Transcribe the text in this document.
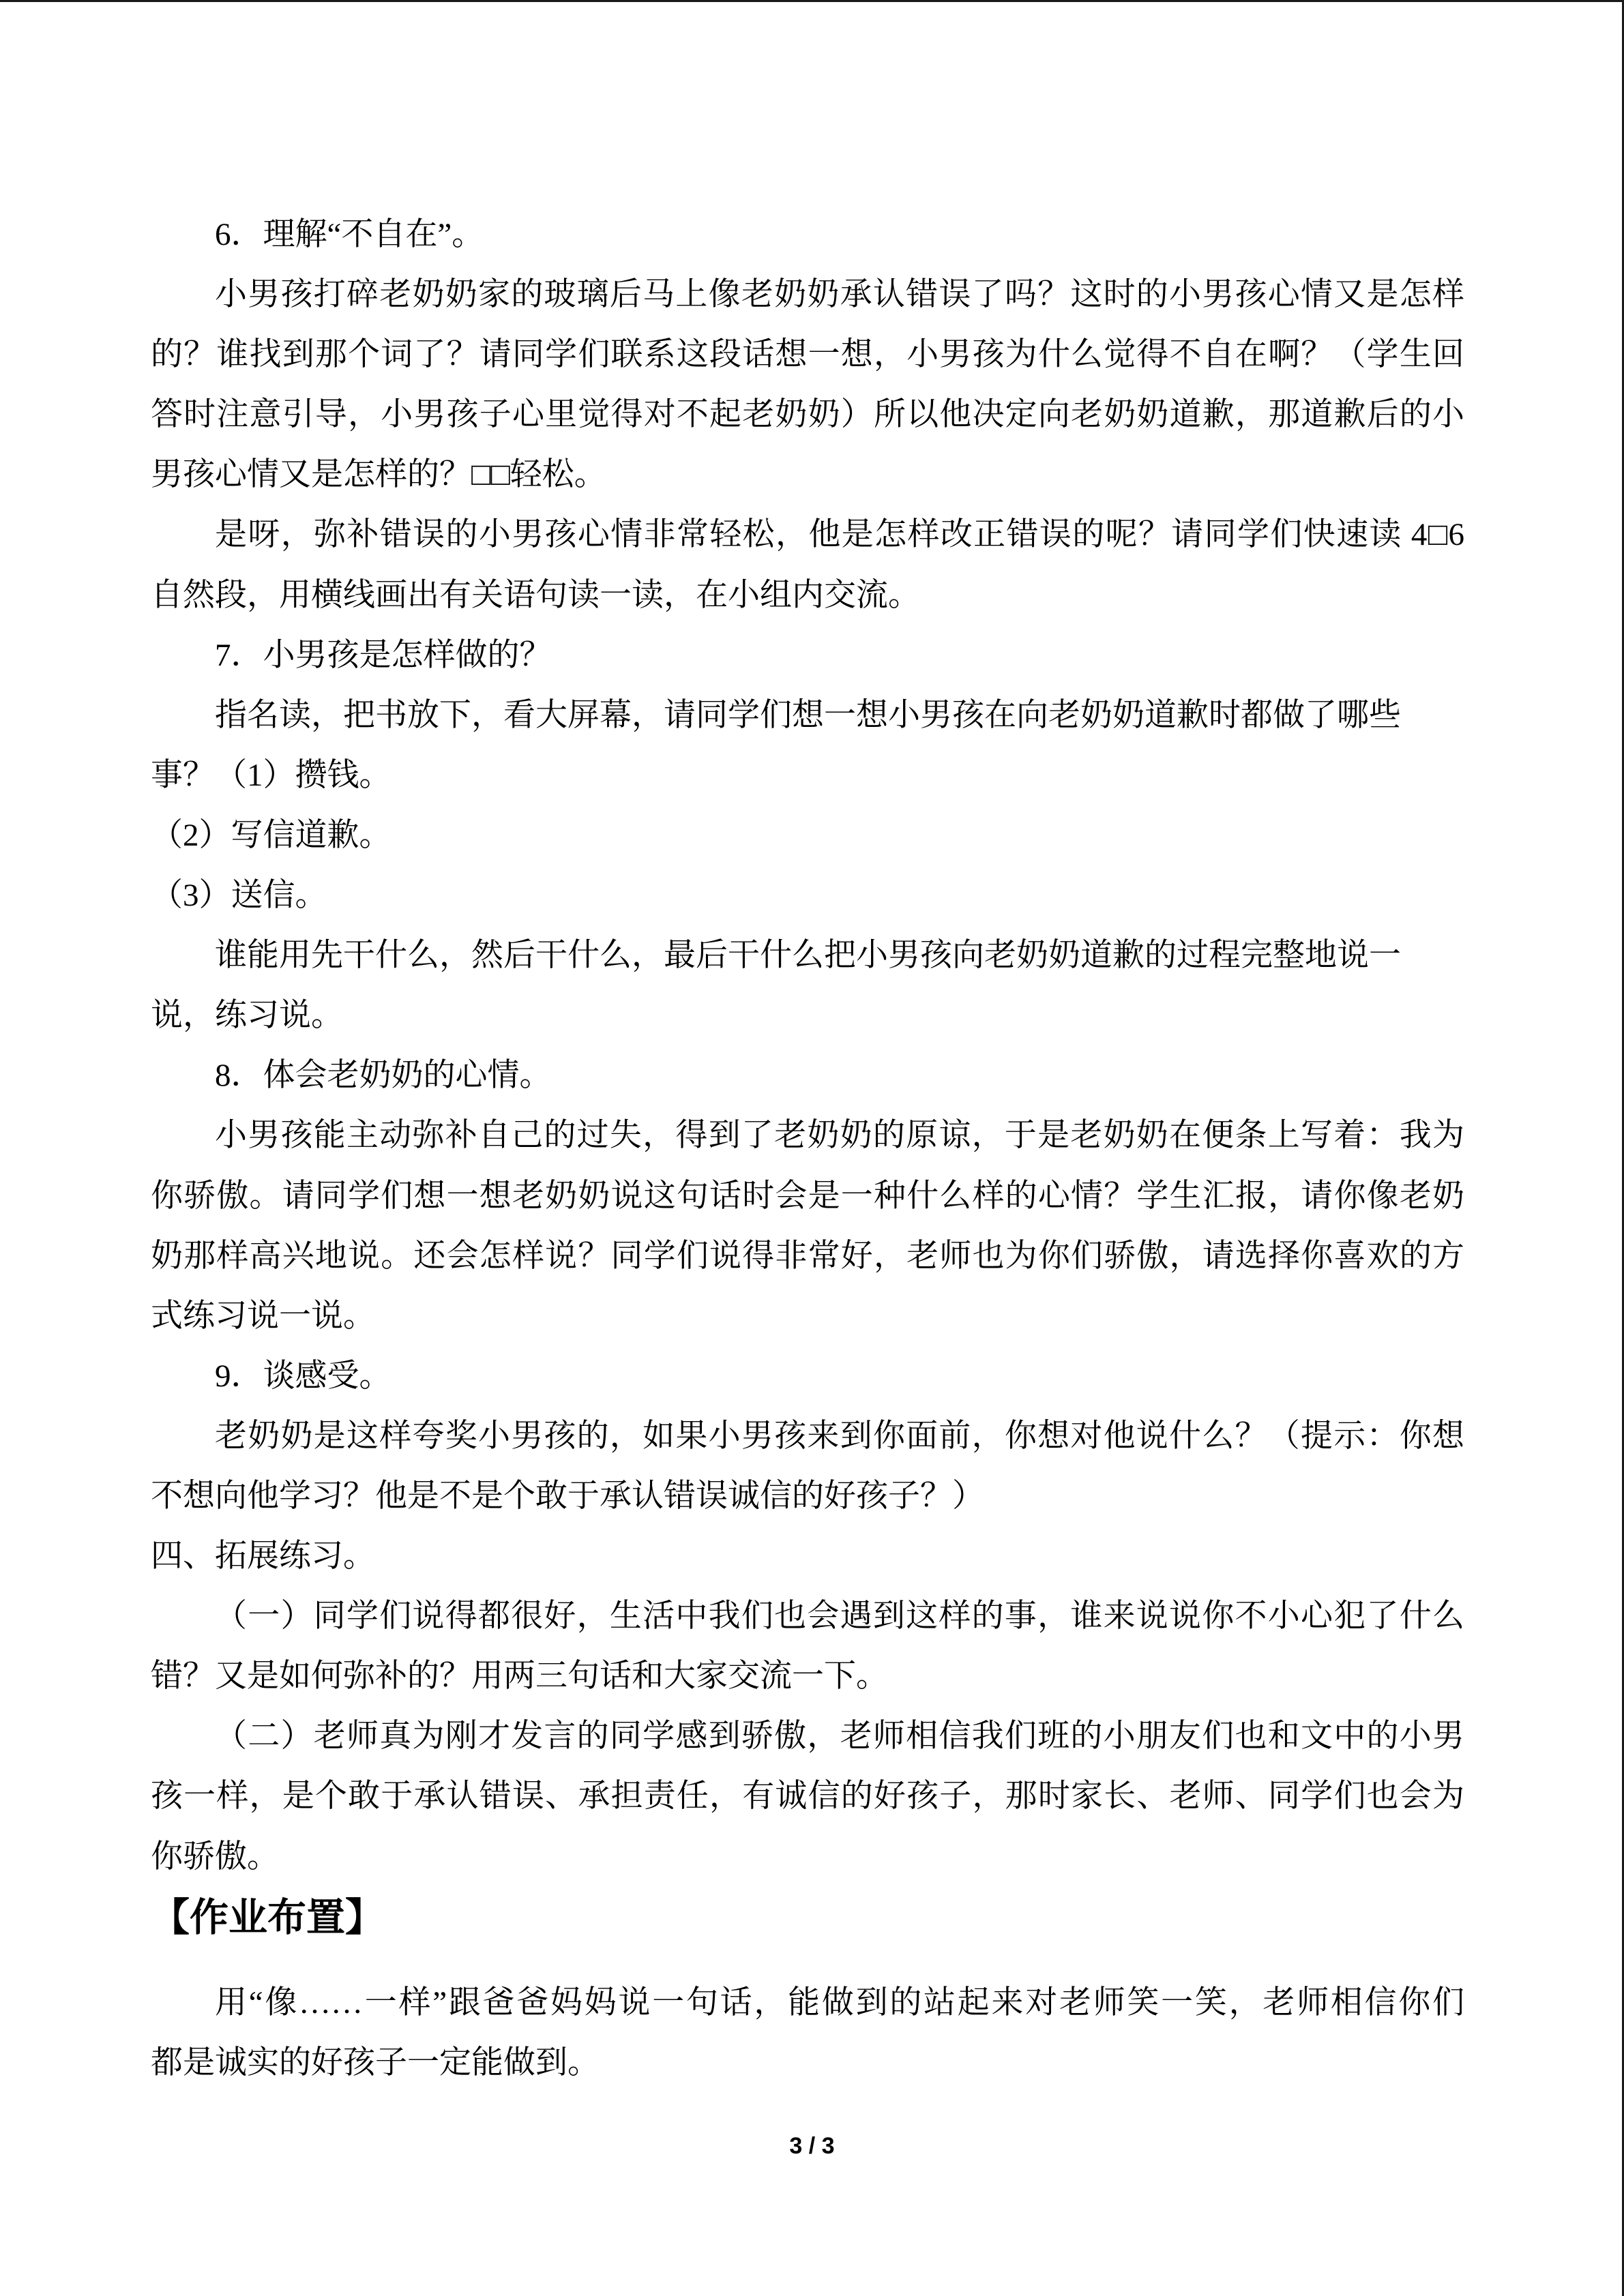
6．理解“不自在”。
小男孩打碎老奶奶家的玻璃后马上像老奶奶承认错误了吗？这时的小男孩心情又是怎样
的？谁找到那个词了？请同学们联系这段话想一想，小男孩为什么觉得不自在啊？（学生回
答时注意引导，小男孩子心里觉得对不起老奶奶）所以他决定向老奶奶道歉，那道歉后的小
男孩心情又是怎样的？□□轻松。
是呀，弥补错误的小男孩心情非常轻松，他是怎样改正错误的呢？请同学们快速读 4□6
自然段，用横线画出有关语句读一读，在小组内交流。
7．小男孩是怎样做的？
指名读，把书放下，看大屏幕，请同学们想一想小男孩在向老奶奶道歉时都做了哪些
事？（1）攒钱。
（2）写信道歉。
（3）送信。
谁能用先干什么，然后干什么，最后干什么把小男孩向老奶奶道歉的过程完整地说一
说，练习说。
8．体会老奶奶的心情。
小男孩能主动弥补自己的过失，得到了老奶奶的原谅，于是老奶奶在便条上写着：我为
你骄傲。请同学们想一想老奶奶说这句话时会是一种什么样的心情？学生汇报，请你像老奶
奶那样高兴地说。还会怎样说？同学们说得非常好，老师也为你们骄傲，请选择你喜欢的方
式练习说一说。
9．谈感受。
老奶奶是这样夸奖小男孩的，如果小男孩来到你面前，你想对他说什么？（提示：你想
不想向他学习？他是不是个敢于承认错误诚信的好孩子？）
四、拓展练习。
（一）同学们说得都很好，生活中我们也会遇到这样的事，谁来说说你不小心犯了什么
错？又是如何弥补的？用两三句话和大家交流一下。
（二）老师真为刚才发言的同学感到骄傲，老师相信我们班的小朋友们也和文中的小男
孩一样，是个敢于承认错误、承担责任，有诚信的好孩子，那时家长、老师、同学们也会为
你骄傲。
【作业布置】
用“像……一样”跟爸爸妈妈说一句话，能做到的站起来对老师笑一笑，老师相信你们
都是诚实的好孩子一定能做到。
3 / 3
